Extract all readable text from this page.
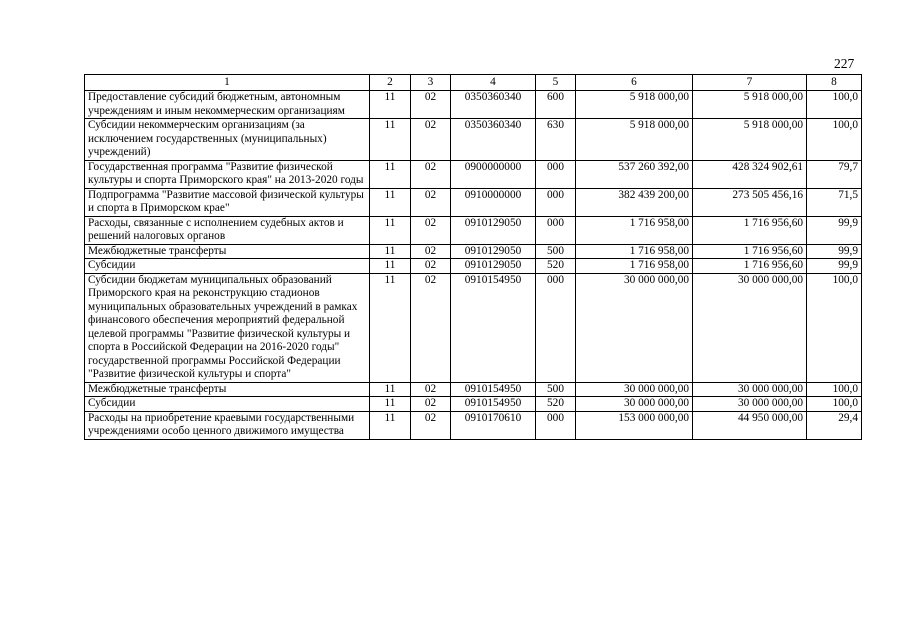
227
1	2	3	4	5	6	7	8
Предоставление субсидий бюджетным, автономным учреждениям и иным некоммерческим организациям	11	02	0350360340	600	5 918 000,00	5 918 000,00	100,0
Субсидии некоммерческим организациям (за исключением государственных (муниципальных) учреждений)	11	02	0350360340	630	5 918 000,00	5 918 000,00	100,0
Государственная программа "Развитие физической культуры и спорта Приморского края" на 2013-2020 годы	11	02	0900000000	000	537 260 392,00	428 324 902,61	79,7
Подпрограмма "Развитие массовой физической культуры и спорта в Приморском крае"	11	02	0910000000	000	382 439 200,00	273 505 456,16	71,5
Расходы, связанные с исполнением судебных актов и решений налоговых органов	11	02	0910129050	000	1 716 958,00	1 716 956,60	99,9
Межбюджетные трансферты	11	02	0910129050	500	1 716 958,00	1 716 956,60	99,9
Субсидии	11	02	0910129050	520	1 716 958,00	1 716 956,60	99,9
Субсидии бюджетам муниципальных образований Приморского края на реконструкцию стадионов муниципальных образовательных учреждений в рамках финансового обеспечения мероприятий федеральной целевой программы "Развитие физической культуры и спорта в Российской Федерации на 2016-2020 годы" государственной программы Российской Федерации "Развитие физической культуры и спорта"	11	02	0910154950	000	30 000 000,00	30 000 000,00	100,0
Межбюджетные трансферты	11	02	0910154950	500	30 000 000,00	30 000 000,00	100,0
Субсидии	11	02	0910154950	520	30 000 000,00	30 000 000,00	100,0
Расходы на приобретение краевыми государственными учреждениями особо ценного движимого имущества	11	02	0910170610	000	153 000 000,00	44 950 000,00	29,4
